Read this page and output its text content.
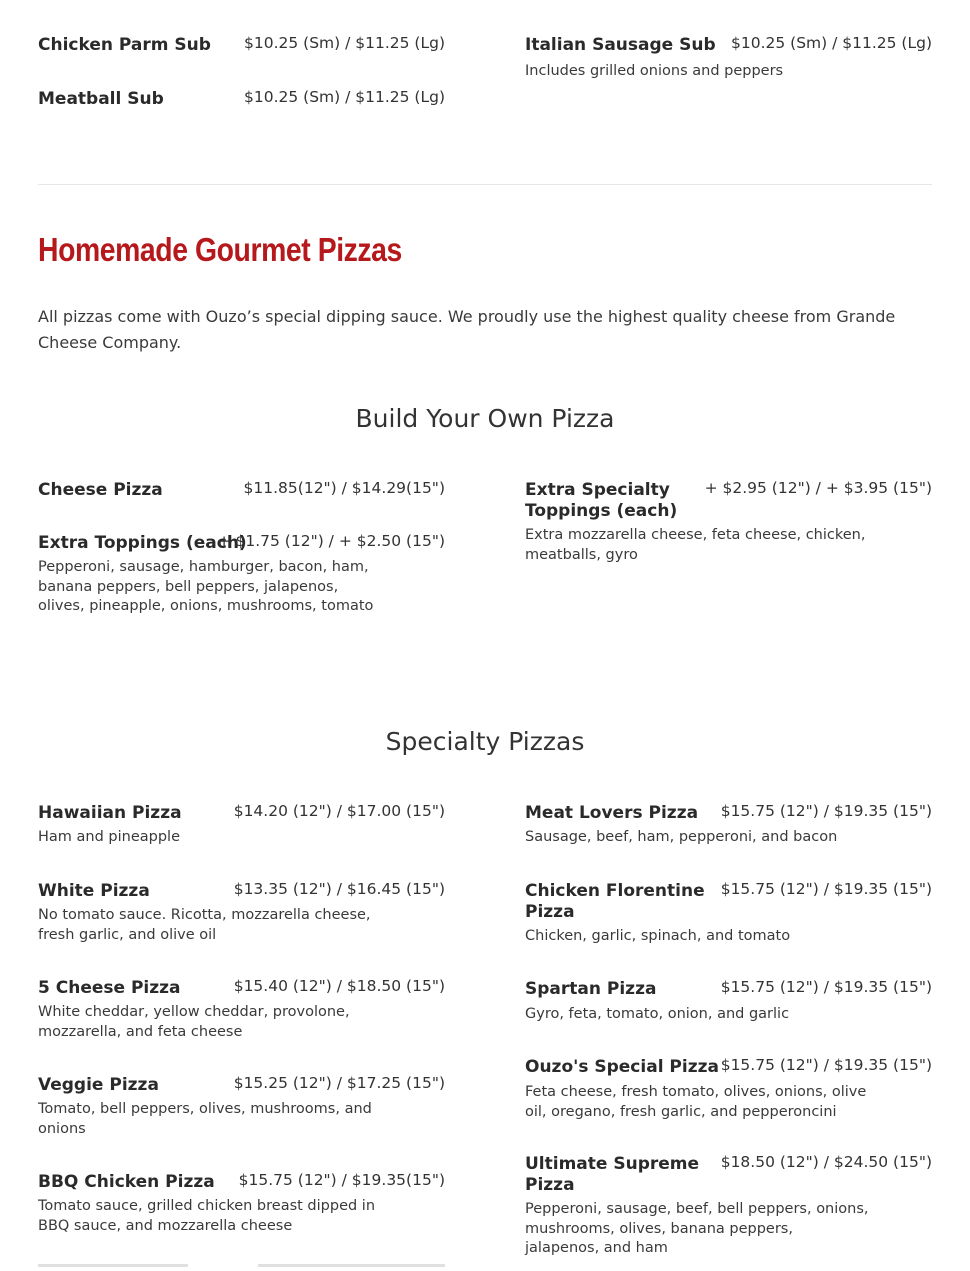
Chicken Parm Sub $10.25 (Sm) / $11.25 (Lg)
Meatball Sub	$10.25 (Sm) / $11.25 (Lg)
Italian Sausage Sub $10.25 (Sm) / $11.25 (Lg)
Includes grilled onions and peppers
Homemade Gourmet Pizzas
All pizzas come with Ouzo’s special dipping sauce. We proudly use the highest quality cheese from Grande Cheese Company.
Build Your Own Pizza
Cheese Pizza	$11.85(12") / $14.29(15")
Extra Toppings (each)
+ $1.75 (12") / + $2.50 (15")
Pepperoni, sausage, hamburger, bacon, ham, banana peppers, bell peppers, jalapenos, olives, pineapple, onions, mushrooms, tomato
Extra Specialty Toppings (each)
+ $2.95 (12") / + $3.95 (15")
Extra mozzarella cheese, feta cheese, chicken, meatballs, gyro
Specialty Pizzas
Hawaiian Pizza	$14.20 (12") / $17.00 (15")
Ham and pineapple
White Pizza	$13.35 (12") / $16.45 (15")
No tomato sauce. Ricotta, mozzarella cheese, fresh garlic, and olive oil
5 Cheese Pizza	$15.40 (12") / $18.50 (15")
White cheddar, yellow cheddar, provolone, mozzarella, and feta cheese
Veggie Pizza	$15.25 (12") / $17.25 (15")
Tomato, bell peppers, olives, mushrooms, and onions
BBQ Chicken Pizza $15.75 (12") / $19.35(15")
Tomato sauce, grilled chicken breast dipped in BBQ sauce, and mozzarella cheese
Meat Lovers Pizza $15.75 (12") / $19.35 (15")
Sausage, beef, ham, pepperoni, and bacon
Chicken Florentine Pizza
$15.75 (12") / $19.35 (15")
Chicken, garlic, spinach, and tomato
Spartan Pizza	$15.75 (12") / $19.35 (15")
Gyro, feta, tomato, onion, and garlic
Ouzo's Special Pizza $15.75 (12") / $19.35 (15")
Feta cheese, fresh tomato, olives, onions, olive oil, oregano, fresh garlic, and pepperoncini
Ultimate Supreme Pizza
$18.50 (12") / $24.50 (15")
Pepperoni, sausage, beef, bell peppers, onions, mushrooms, olives, banana peppers, jalapenos, and ham
